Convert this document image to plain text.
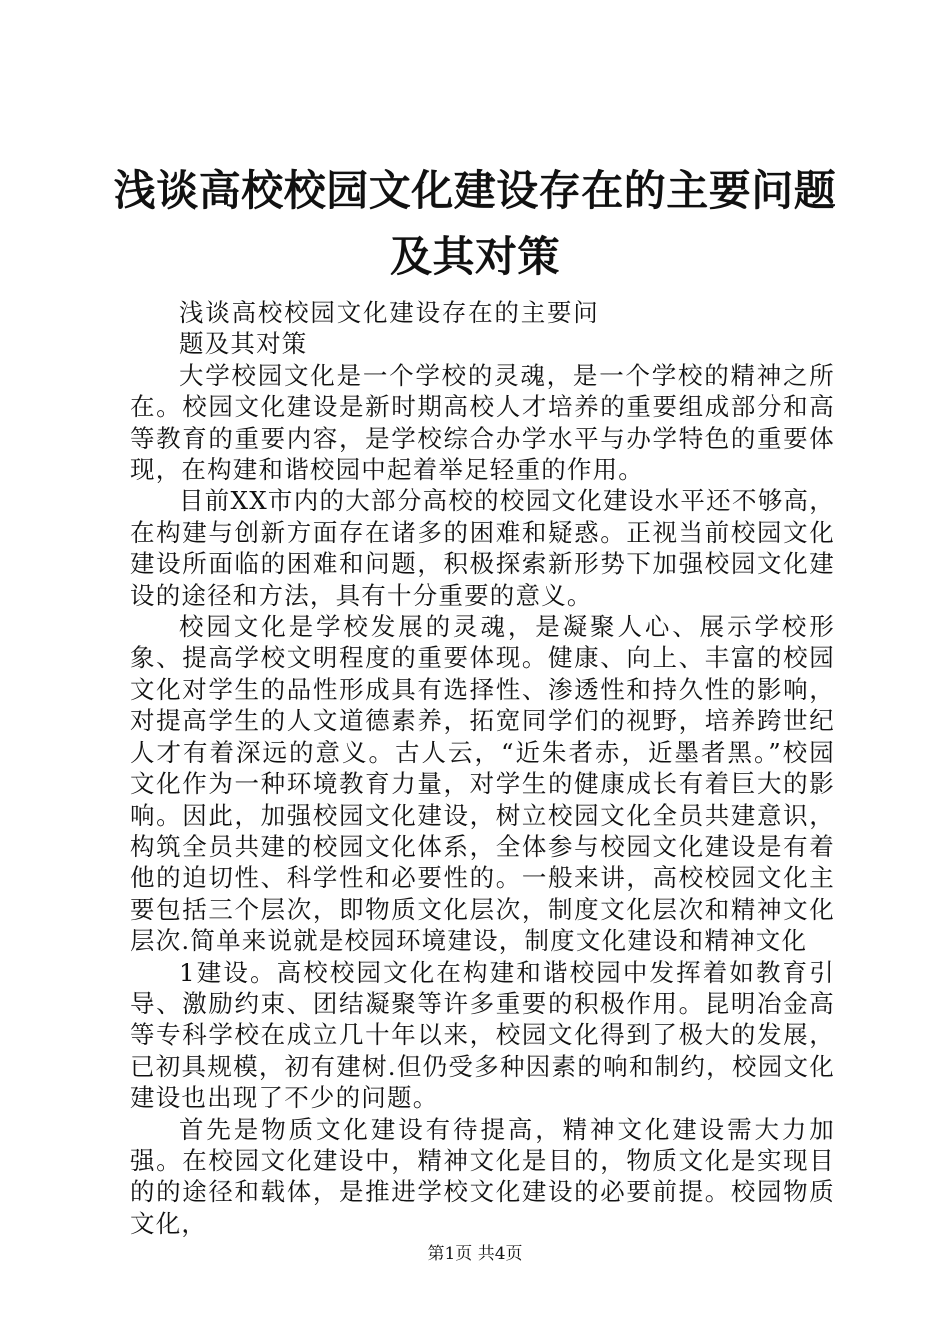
浅谈高校校园文化建设存在的主要问题及其对策

浅谈高校校园文化建设存在的主要问题及其对策

大学校园文化是一个学校的灵魂，是一个学校的精神之所在。校园文化建设是新时期高校人才培养的重要组成部分和高等教育的重要内容，是学校综合办学水平与办学特色的重要体现，在构建和谐校园中起着举足轻重的作用。

目前XX市内的大部分高校的校园文化建设水平还不够高，在构建与创新方面存在诸多的困难和疑惑。正视当前校园文化建设所面临的困难和问题，积极探索新形势下加强校园文化建设的途径和方法，具有十分重要的意义。

校园文化是学校发展的灵魂，是凝聚人心、展示学校形象、提高学校文明程度的重要体现。健康、向上、丰富的校园文化对学生的品性形成具有选择性、渗透性和持久性的影响，对提高学生的人文道德素养，拓宽同学们的视野，培养跨世纪人才有着深远的意义。古人云，“近朱者赤，近墨者黑。”校园文化作为一种环境教育力量，对学生的健康成长有着巨大的影响。因此，加强校园文化建设，树立校园文化全员共建意识，构筑全员共建的校园文化体系，全体参与校园文化建设是有着他的迫切性、科学性和必要性的。一般来讲，高校校园文化主要包括三个层次，即物质文化层次，制度文化层次和精神文化层次.简单来说就是校园环境建设，制度文化建设和精神文化

1建设。高校校园文化在构建和谐校园中发挥着如教育引导、激励约束、团结凝聚等许多重要的积极作用。昆明冶金高等专科学校在成立几十年以来，校园文化得到了极大的发展，已初具规模，初有建树.但仍受多种因素的响和制约，校园文化建设也出现了不少的问题。

首先是物质文化建设有待提高，精神文化建设需大力加强。在校园文化建设中，精神文化是目的，物质文化是实现目的的途径和载体，是推进学校文化建设的必要前提。校园物质文化，

第1页 共4页
